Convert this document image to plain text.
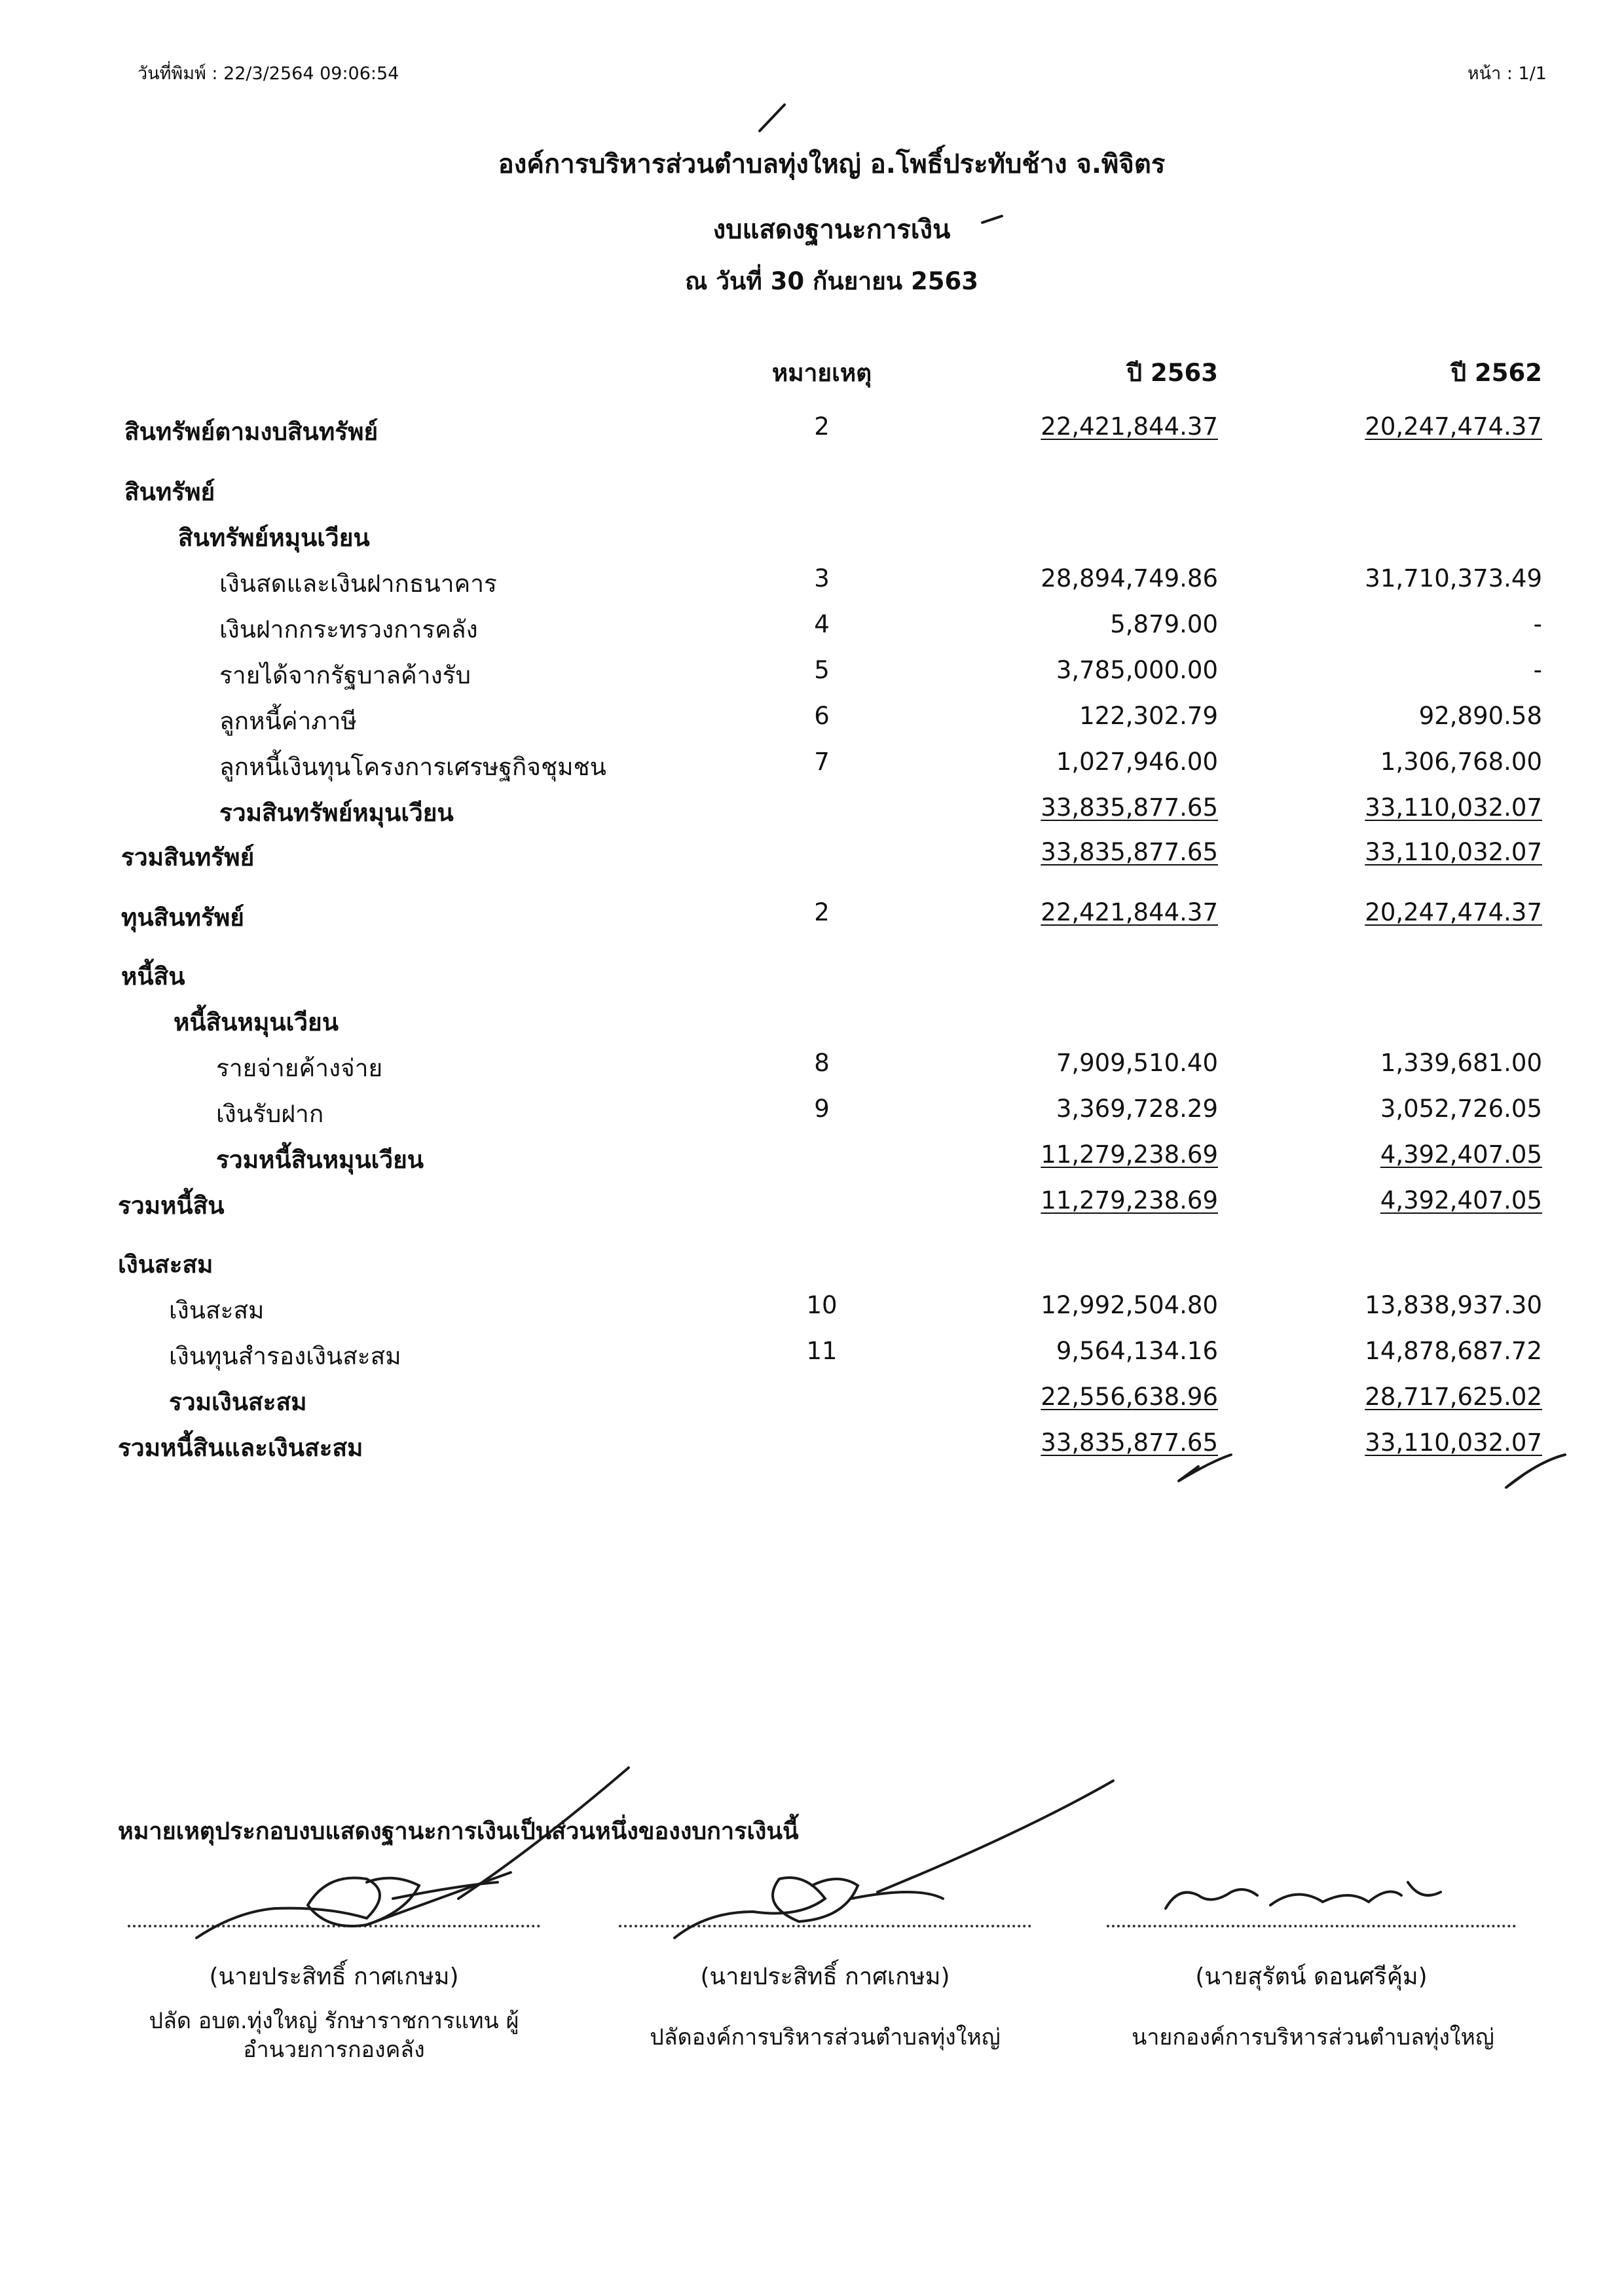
วันที่พิมพ์ : 22/3/2564 09:06:54	หน้า : 1/1
องค์การบริหารส่วนตำบลทุ่งใหญ่ อ.โพธิ์ประทับช้าง จ.พิจิตร
งบแสดงฐานะการเงิน
ณ วันที่ 30 กันยายน 2563
หมายเหตุ	ปี 2563	ปี 2562
สินทรัพย์ตามงบสินทรัพย์	2	22,421,844.37	20,247,474.37
สินทรัพย์
สินทรัพย์หมุนเวียน
เงินสดและเงินฝากธนาคาร	3	28,894,749.86	31,710,373.49
เงินฝากกระทรวงการคลัง	4	5,879.00	-
รายได้จากรัฐบาลค้างรับ	5	3,785,000.00	-
ลูกหนี้ค่าภาษี	6	122,302.79	92,890.58
ลูกหนี้เงินทุนโครงการเศรษฐกิจชุมชน	7	1,027,946.00	1,306,768.00
รวมสินทรัพย์หมุนเวียน	33,835,877.65	33,110,032.07
รวมสินทรัพย์	33,835,877.65	33,110,032.07
ทุนสินทรัพย์	2	22,421,844.37	20,247,474.37
หนี้สิน
หนี้สินหมุนเวียน
รายจ่ายค้างจ่าย	8	7,909,510.40	1,339,681.00
เงินรับฝาก	9	3,369,728.29	3,052,726.05
รวมหนี้สินหมุนเวียน	11,279,238.69	4,392,407.05
รวมหนี้สิน	11,279,238.69	4,392,407.05
เงินสะสม
เงินสะสม	10	12,992,504.80	13,838,937.30
เงินทุนสำรองเงินสะสม	11	9,564,134.16	14,878,687.72
รวมเงินสะสม	22,556,638.96	28,717,625.02
รวมหนี้สินและเงินสะสม	33,835,877.65	33,110,032.07
หมายเหตุประกอบงบแสดงฐานะการเงินเป็นส่วนหนึ่งของงบการเงินนี้
(นายประสิทธิ์ กาศเกษม)
ปลัด อบต.ทุ่งใหญ่ รักษาราชการแทน ผู้อำนวยการกองคลัง
(นายประสิทธิ์ กาศเกษม)
ปลัดองค์การบริหารส่วนตำบลทุ่งใหญ่
(นายสุรัตน์ ดอนศรีคุ้ม)
นายกองค์การบริหารส่วนตำบลทุ่งใหญ่
